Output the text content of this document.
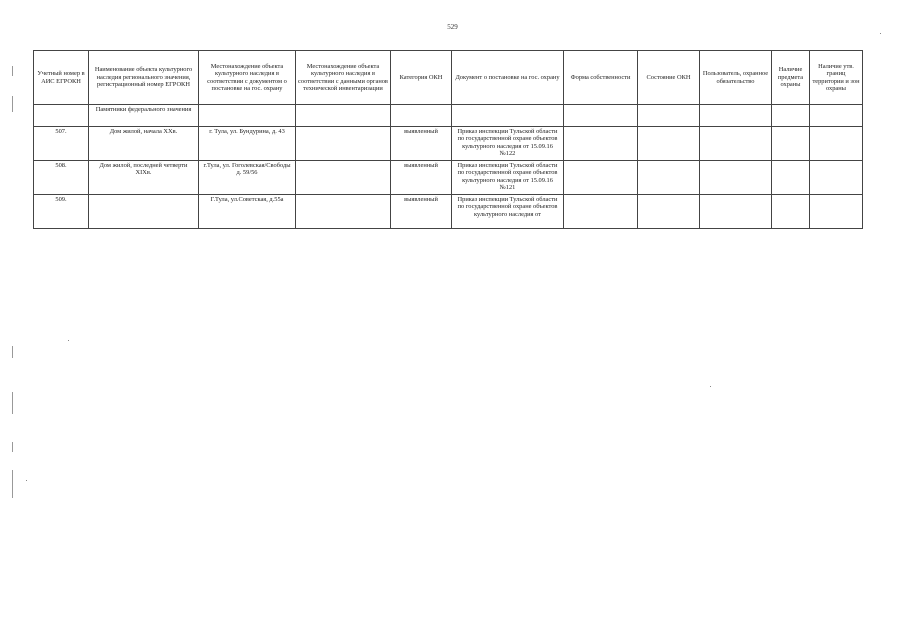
529
Учетный номер в АИС ЕГРОКН	Наименование объекта культурного наследия регионального значения, регистрационный номер ЕГРОКН	Местонахождение объекта культурного наследия в соответствии с документом о постановке на гос. охрану	Местонахождение объекта культурного наследия в соответствии с данными органов технической инвентаризации	Категория ОКН	Документ о постановке на гос. охрану	Форма собственности	Состояние ОКН	Пользователь, охранное обязательство	Наличие предмета охраны	Наличие утв. границ территории и зон охраны
	Памятники федерального значения									
507.	Дом жилой, начала XXв.	г. Тула, ул. Бундурина, д. 43		выявленный	Приказ инспекции Тульской области по государственной охране объектов культурного наследия от 15.09.16 №122					
508.	Дом жилой, последней четверти XIXв.	г.Тула, ул. Гоголевская/Свободы д. 59/56		выявленный	Приказ инспекции Тульской области по государственной охране объектов культурного наследия от 15.09.16 №121					
509.		Г.Тула, ул.Советская, д.55а		выявленный	Приказ инспекции Тульской области по государственной охране объектов культурного наследия от					
